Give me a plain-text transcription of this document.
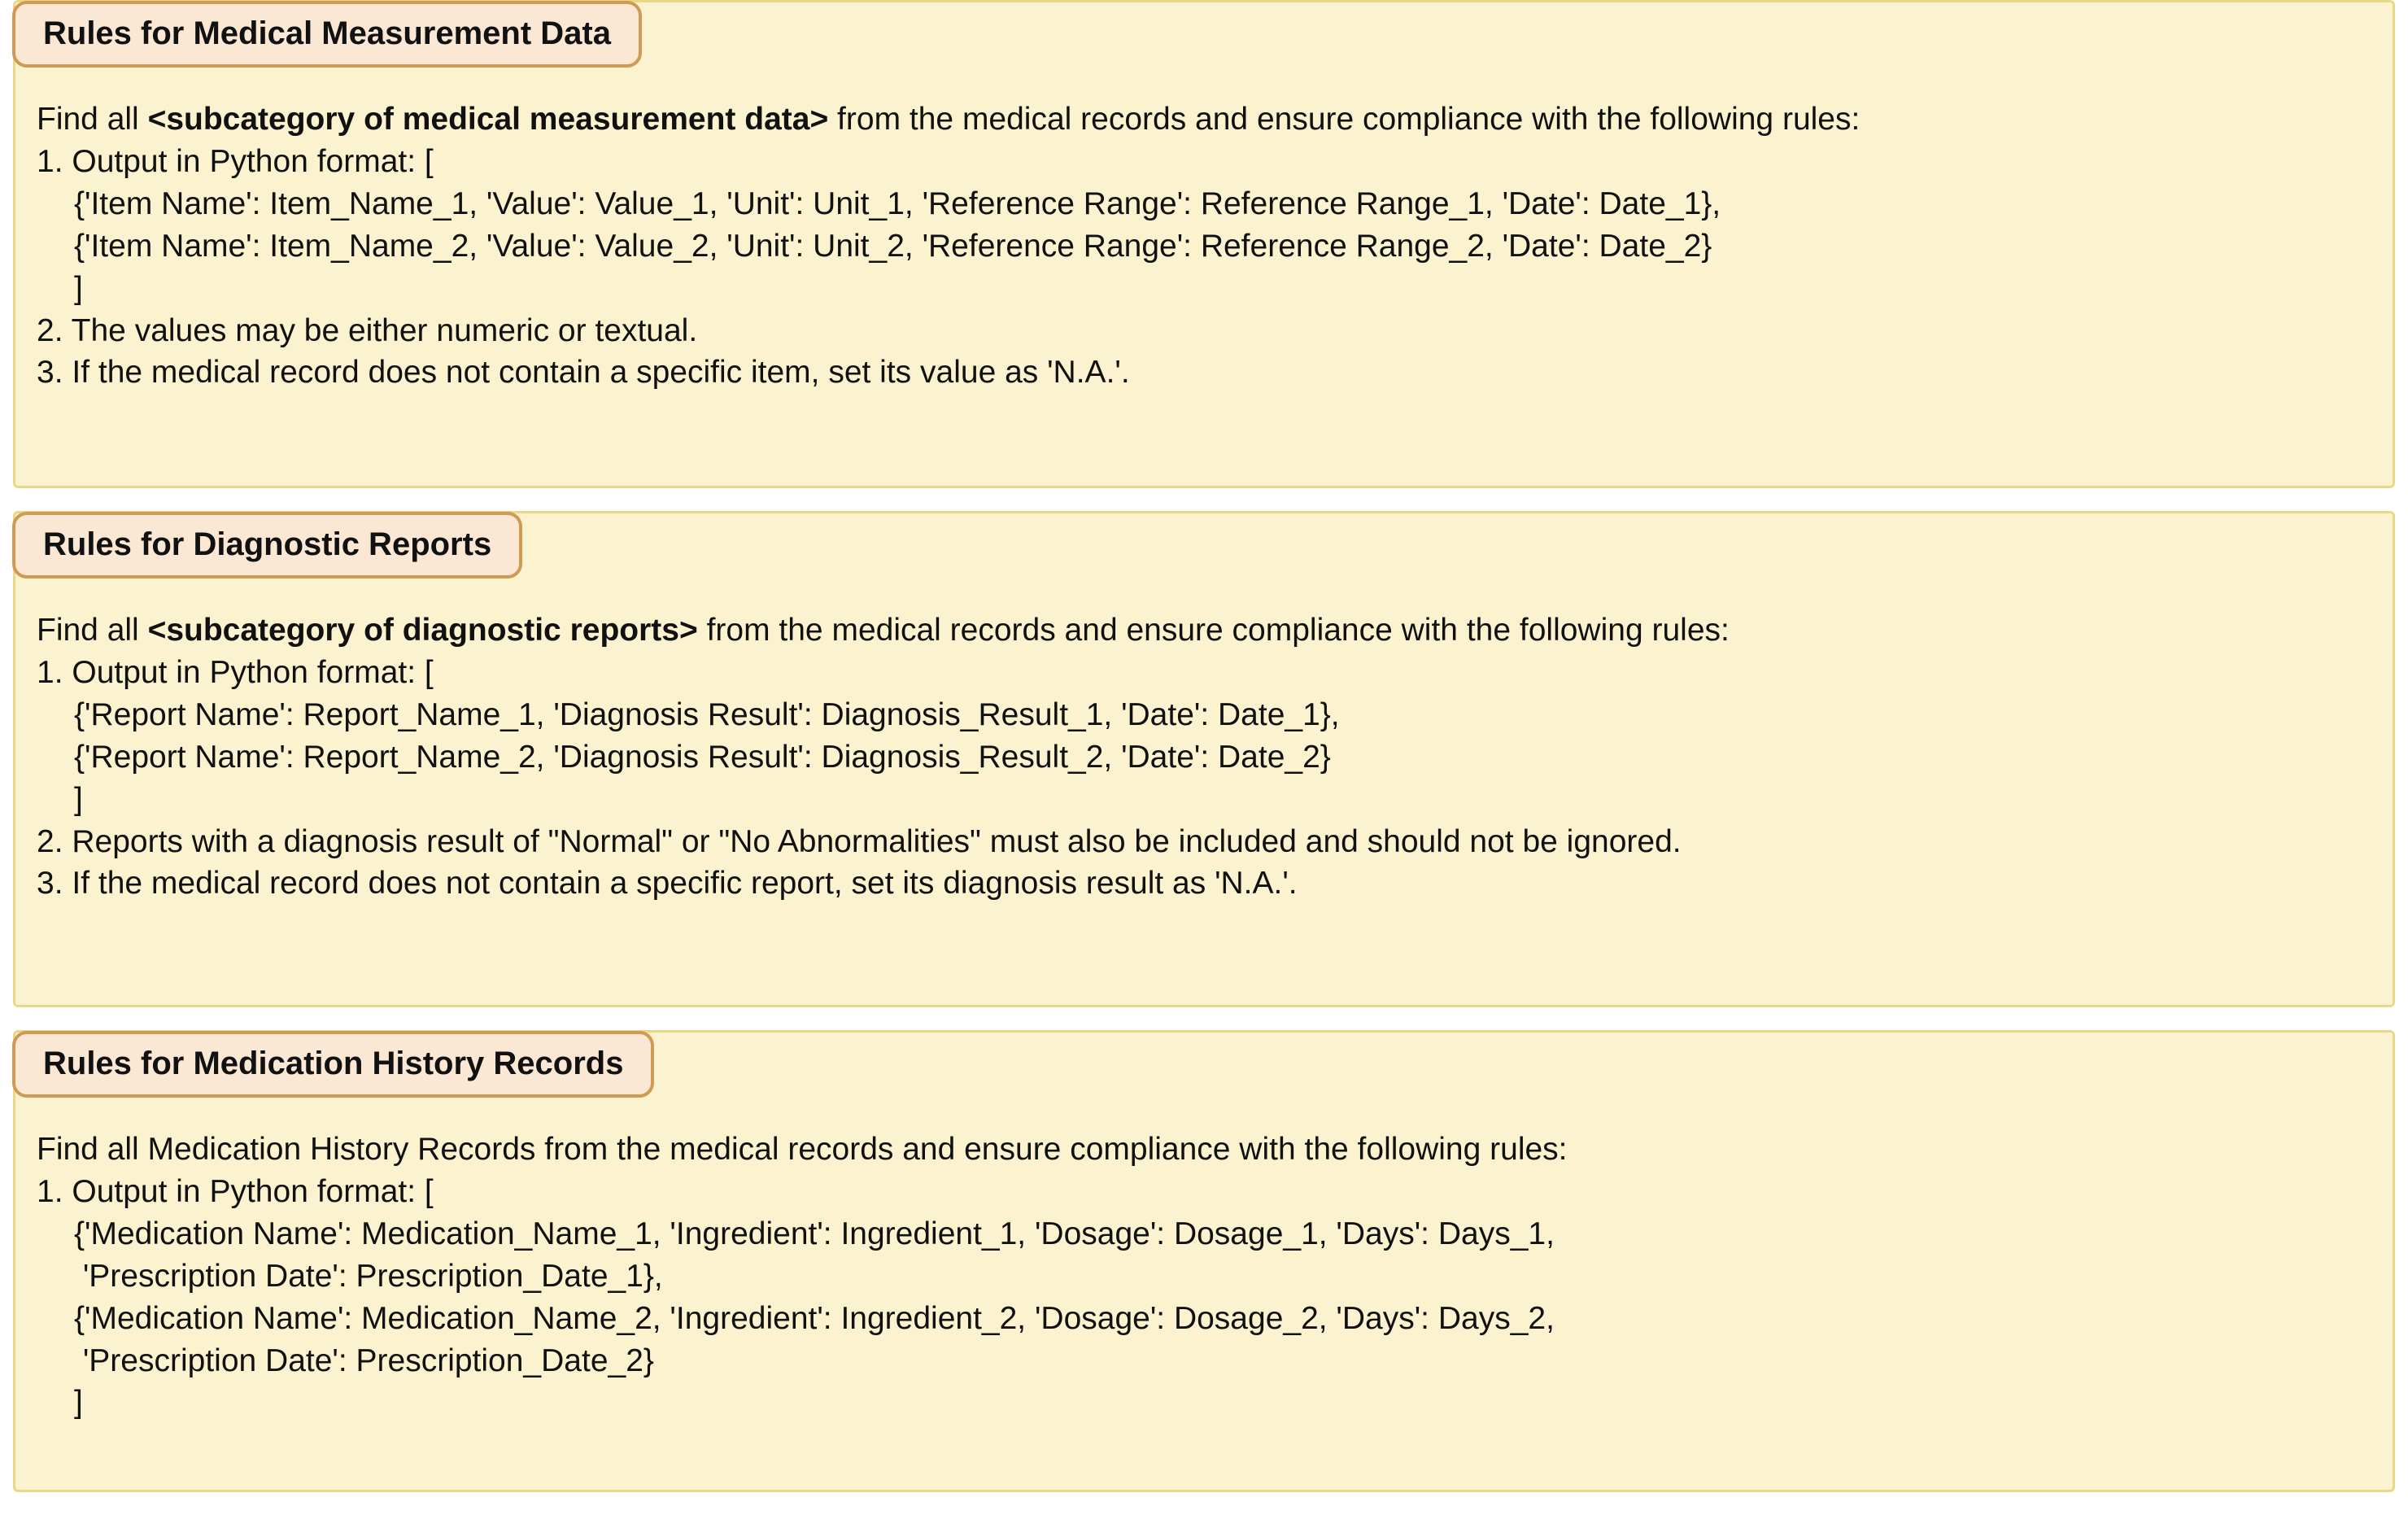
Rules for Medical Measurement Data
Find all <subcategory of medical measurement data> from the medical records and ensure compliance with the following rules:
1. Output in Python format: [
{'Item Name': Item_Name_1, 'Value': Value_1, 'Unit': Unit_1, 'Reference Range': Reference Range_1, 'Date': Date_1},
{'Item Name': Item_Name_2, 'Value': Value_2, 'Unit': Unit_2, 'Reference Range': Reference Range_2, 'Date': Date_2}
]
2. The values may be either numeric or textual.
3. If the medical record does not contain a specific item, set its value as 'N.A.'.
Rules for Diagnostic Reports
Find all <subcategory of diagnostic reports> from the medical records and ensure compliance with the following rules:
1. Output in Python format: [
{'Report Name': Report_Name_1, 'Diagnosis Result': Diagnosis_Result_1, 'Date': Date_1},
{'Report Name': Report_Name_2, 'Diagnosis Result': Diagnosis_Result_2, 'Date': Date_2}
]
2. Reports with a diagnosis result of "Normal" or "No Abnormalities" must also be included and should not be ignored.
3. If the medical record does not contain a specific report, set its diagnosis result as 'N.A.'.
Rules for Medication History Records
Find all Medication History Records from the medical records and ensure compliance with the following rules:
1. Output in Python format: [
{'Medication Name': Medication_Name_1, 'Ingredient': Ingredient_1, 'Dosage': Dosage_1, 'Days': Days_1,
'Prescription Date': Prescription_Date_1},
{'Medication Name': Medication_Name_2, 'Ingredient': Ingredient_2, 'Dosage': Dosage_2, 'Days': Days_2,
'Prescription Date': Prescription_Date_2}
]
